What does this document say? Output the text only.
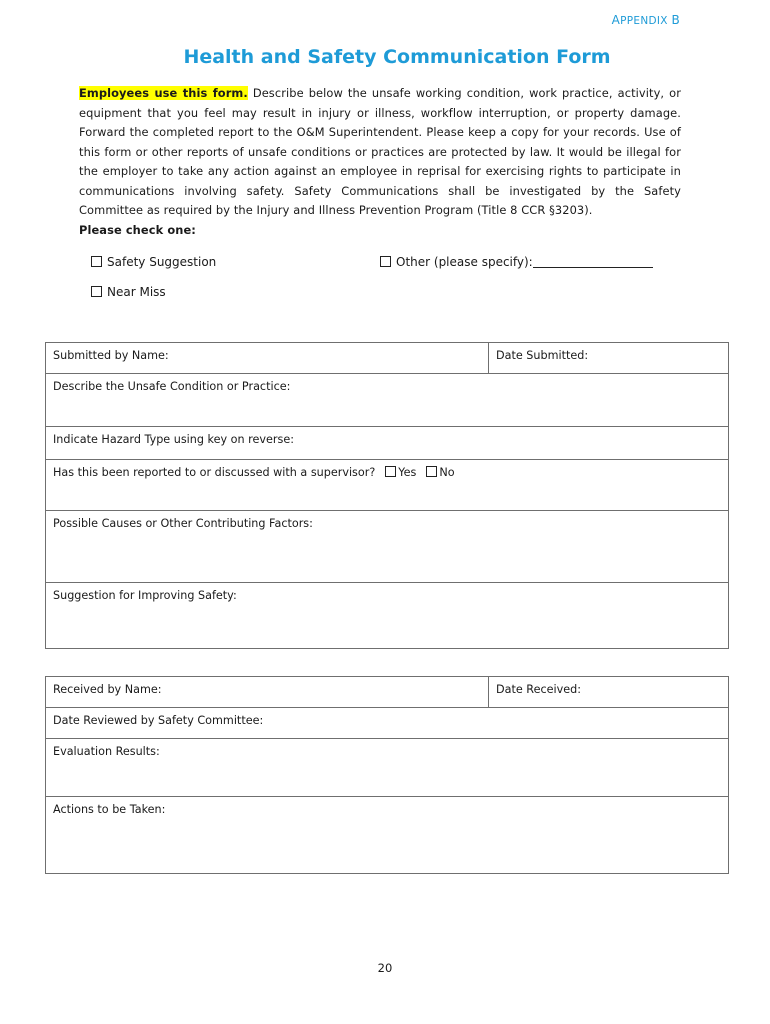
APPENDIX B
Health and Safety Communication Form
Employees use this form. Describe below the unsafe working condition, work practice, activity, or equipment that you feel may result in injury or illness, workflow interruption, or property damage. Forward the completed report to the O&M Superintendent. Please keep a copy for your records. Use of this form or other reports of unsafe conditions or practices are protected by law. It would be illegal for the employer to take any action against an employee in reprisal for exercising rights to participate in communications involving safety. Safety Communications shall be investigated by the Safety Committee as required by the Injury and Illness Prevention Program (Title 8 CCR §3203).
Please check one:
Safety Suggestion	Other (please specify):
Near Miss
Submitted by Name:	Date Submitted:
Describe the Unsafe Condition or Practice:
Indicate Hazard Type using key on reverse:
Has this been reported to or discussed with a supervisor? Yes No
Possible Causes or Other Contributing Factors:
Suggestion for Improving Safety:
Received by Name:	Date Received:
Date Reviewed by Safety Committee:
Evaluation Results:
Actions to be Taken:
20
